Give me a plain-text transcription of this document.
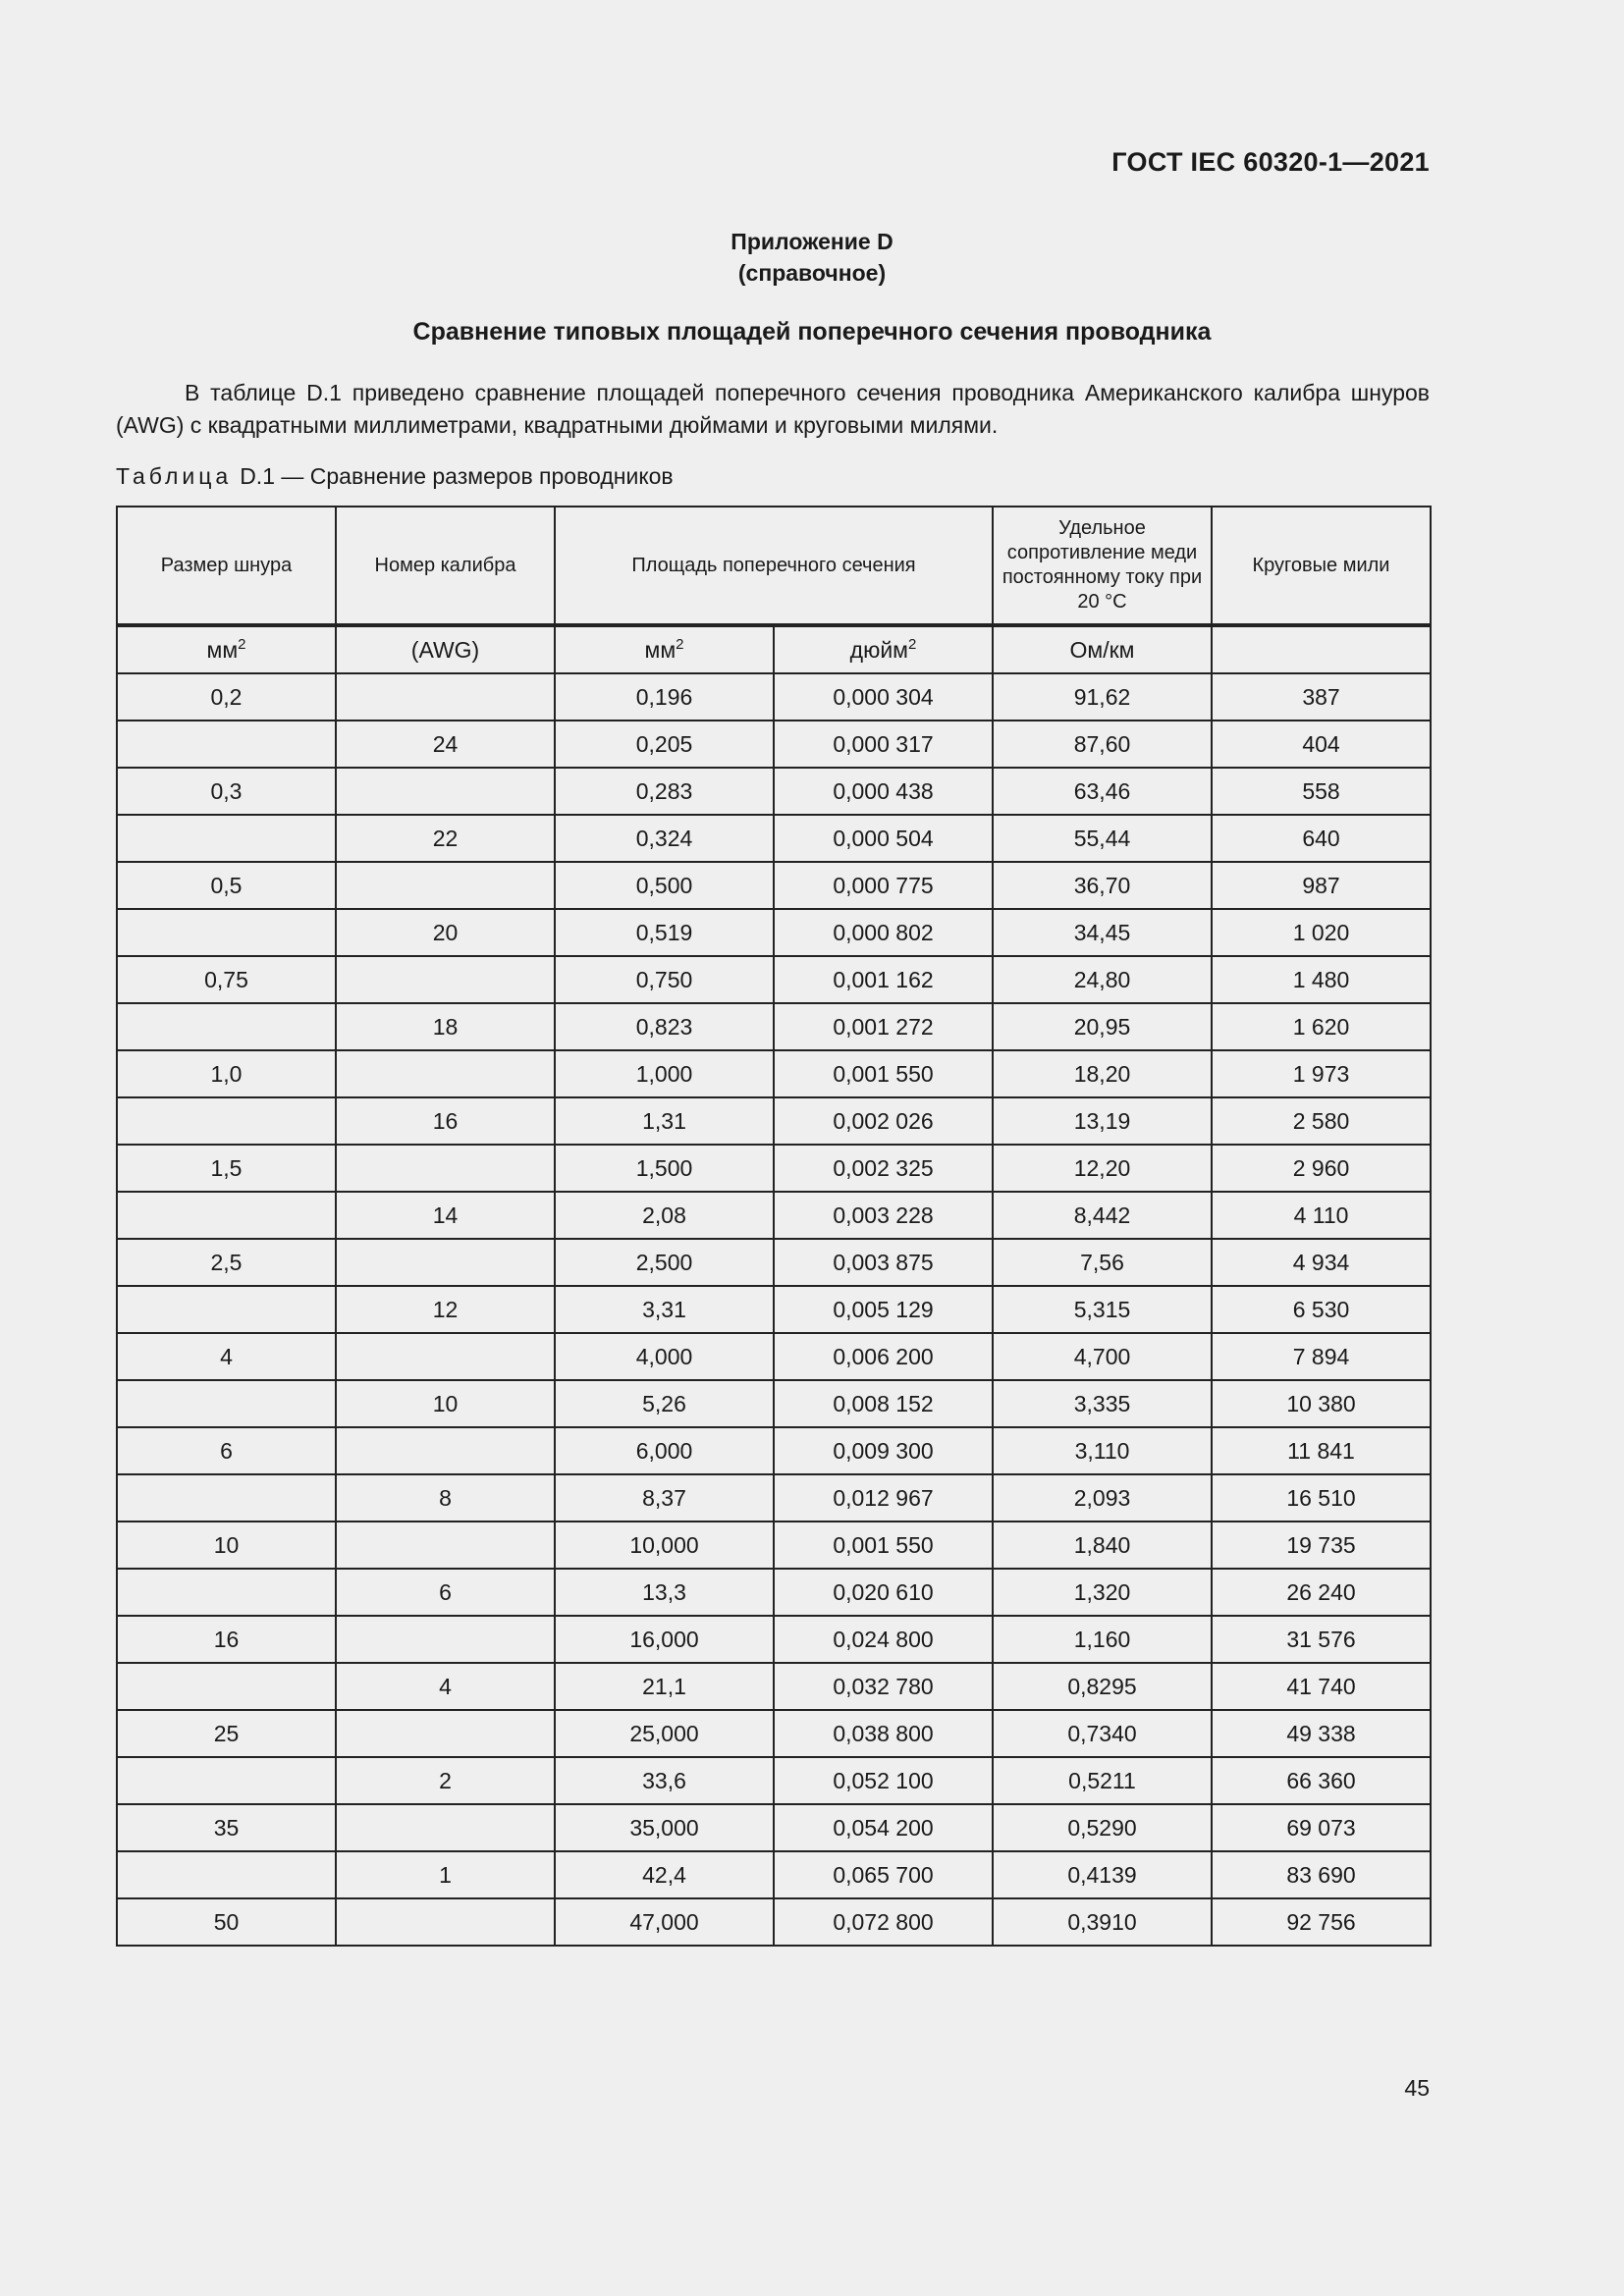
ГОСТ IEC 60320-1—2021
Приложение D
(справочное)
Сравнение типовых площадей поперечного сечения проводника

В таблице D.1 приведено сравнение площадей поперечного сечения проводника Американского калибра шнуров (AWG) с квадратными миллиметрами, квадратными дюймами и круговыми милями.

Таблица D.1 — Сравнение размеров проводников
Размер шнура	Номер калибра	Площадь поперечного сечения		Удельное сопротивление меди постоянному току при 20 °C	Круговые мили
$мм^2$	(AWG)	$мм^2$	дюйм$^2$	Ом/км	
0,2		0,196	0,000 304	91,62	387
	24	0,205	0,000 317	87,60	404
0,3		0,283	0,000 438	63,46	558
	22	0,324	0,000 504	55,44	640
0,5		0,500	0,000 775	36,70	987
	20	0,519	0,000 802	34,45	1 020
0,75		0,750	0,001 162	24,80	1 480
	18	0,823	0,001 272	20,95	1 620
1,0		1,000	0,001 550	18,20	1 973
	16	1,31	0,002 026	13,19	2 580
1,5		1,500	0,002 325	12,20	2 960
	14	2,08	0,003 228	8,442	4 110
2,5		2,500	0,003 875	7,56	4 934
	12	3,31	0,005 129	5,315	6 530
4		4,000	0,006 200	4,700	7 894
	10	5,26	0,008 152	3,335	10 380
6		6,000	0,009 300	3,110	11 841
	8	8,37	0,012 967	2,093	16 510
10		10,000	0,001 550	1,840	19 735
	6	13,3	0,020 610	1,320	26 240
16		16,000	0,024 800	1,160	31 576
	4	21,1	0,032 780	0,8295	41 740
25		25,000	0,038 800	0,7340	49 338
	2	33,6	0,052 100	0,5211	66 360
35		35,000	0,054 200	0,5290	69 073
	1	42,4	0,065 700	0,4139	83 690
50		47,000	0,072 800	0,3910	92 756
45
